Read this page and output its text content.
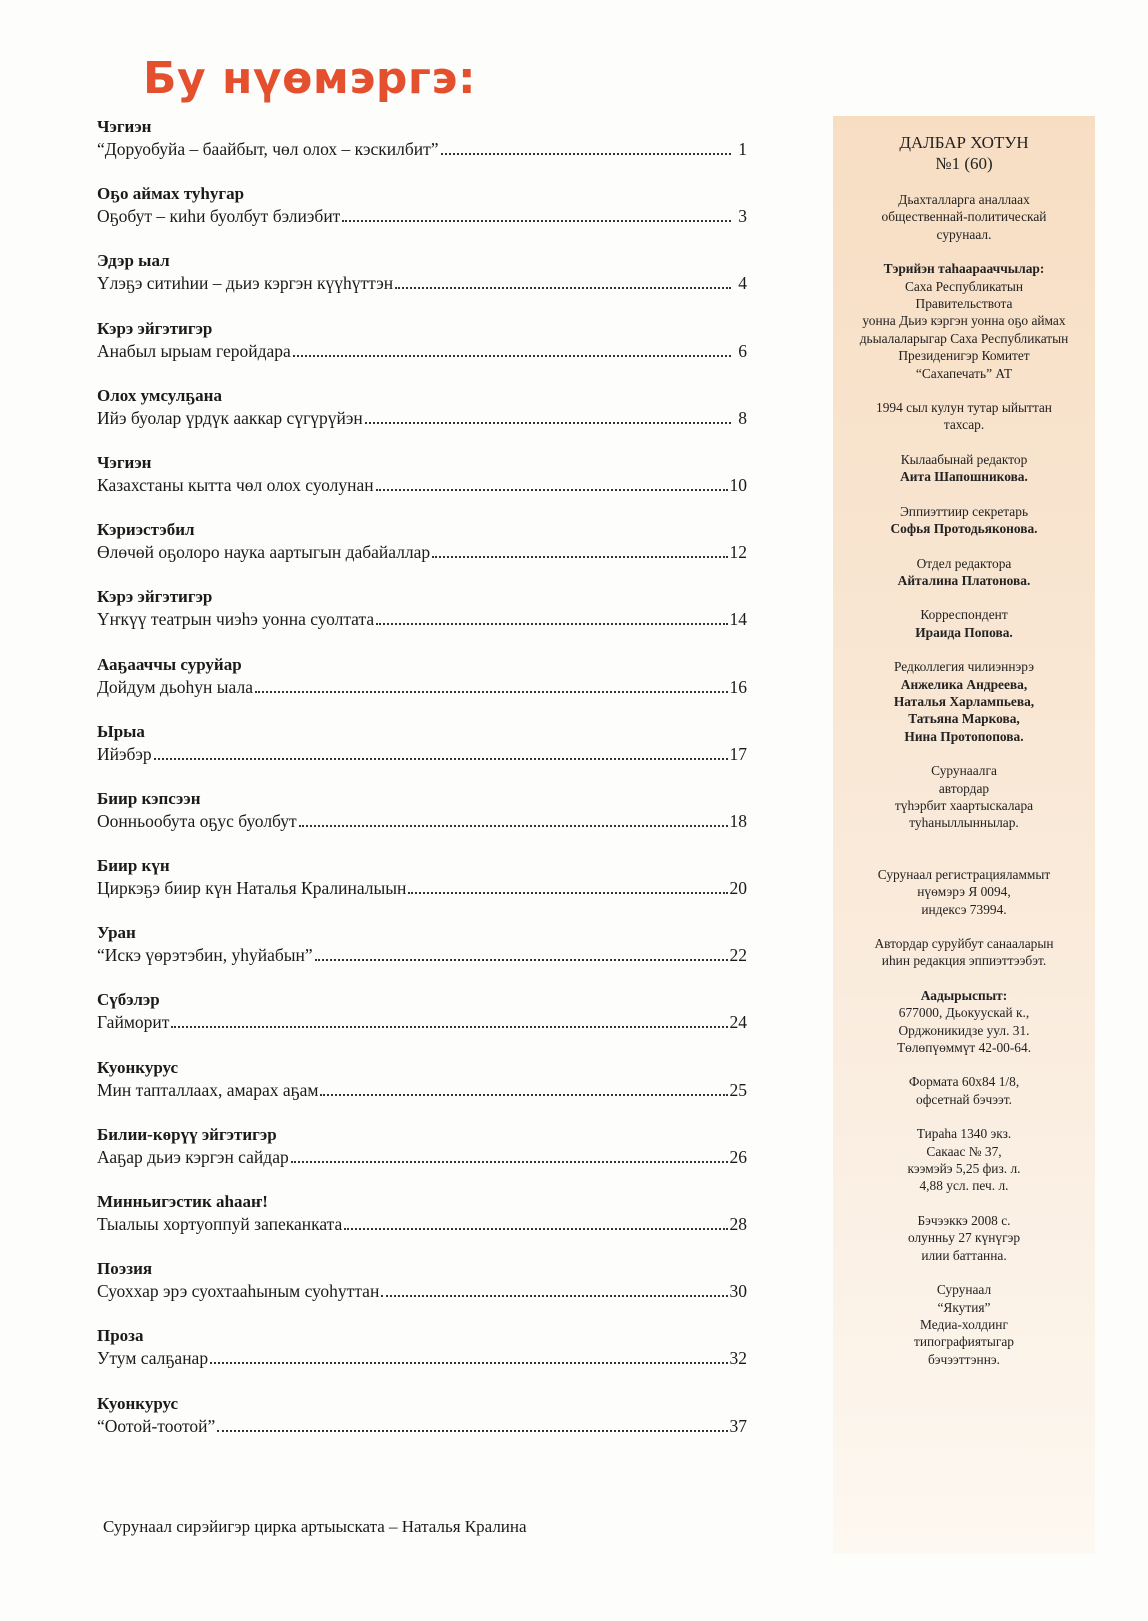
Бу нүөмэргэ:
Чэгиэн
“Доруобуйа – баайбыт, чөл олох – кэскилбит”	1
Оҕо аймах туһугар
Оҕобут – киһи буолбут бэлиэбит	3
Эдэр ыал
Үлэҕэ ситиһии – дьиэ кэргэн күүһүттэн	4
Кэрэ эйгэтигэр
Анабыл ырыам геройдара	6
Олох умсулҕана
Ийэ буолар үрдүк ааккар сүгүрүйэн	8
Чэгиэн
Казахстаны кытта чөл олох суолунан	10
Кэриэстэбил
Өлөчөй оҕолоро наука аартыгын дабайаллар	12
Кэрэ эйгэтигэр
Үҥкүү театрын чиэһэ уонна суолтата	14
Ааҕааччы суруйар
Дойдум дьоһун ыала	16
Ырыа
Ийэбэр	17
Биир кэпсээн
Оонньообута оҕус буолбут	18
Биир күн
Циркэҕэ биир күн Наталья Кралиналыын	20
Уран
“Искэ үөрэтэбин, уһуйабын”	22
Сүбэлэр
Гайморит	24
Куонкурус
Мин тапталлаах, амарах аҕам	25
Билии-көрүү эйгэтигэр
Ааҕар дьиэ кэргэн сайдар	26
Минньигэстик аһааҥ!
Тыалыы хортуоппуй запеканката	28
Поэзия
Суоххар эрэ суохтааһыным суоһуттан	30
Проза
Утум салҕанар	32
Куонкурус
“Оотой-тоотой”	37
Сурунаал сирэйигэр цирка артыыската – Наталья Кралина
ДАЛБАР ХОТУН
№1 (60)
Дьахталларга аналлаах
общественнай-политическай
сурунаал.
Тэрийэн таһаарааччылар:
Саха Республикатын
Правительствота
уонна Дьиэ кэргэн уонна оҕо аймах
дьыалаларыгар Саха Республикатын
Президенигэр Комитет
“Сахапечать” АТ
1994 сыл кулун тутар ыйыттан
тахсар.
Кылаабынай редактор
Аита Шапошникова.
Эппиэттиир секретарь
Софья Протодьяконова.
Отдел редактора
Айталина Платонова.
Корреспондент
Ираида Попова.
Редколлегия чилиэннэрэ
Анжелика Андреева,
Наталья Харлампьева,
Татьяна Маркова,
Нина Протопопова.
Сурунаалга
автордар
түһэрбит хаартыскалара
туһаныллыннылар.
Сурунаал регистрацияламмыт
нүөмэрэ Я 0094,
индексэ 73994.
Автордар суруйбут санааларын
иһин редакция эппиэттээбэт.
Аадырыспыт:
677000, Дьокуускай к.,
Орджоникидзе уул. 31.
Төлөпүөммүт 42-00-64.
Формата 60х84 1/8,
офсетнай бэчээт.
Тираһа 1340 экз.
Сакаас № 37,
кээмэйэ 5,25 физ. л.
4,88 усл. печ. л.
Бэчээккэ 2008 с.
олунньу 27 күнүгэр
илии баттанна.
Сурунаал
“Якутия”
Медиа-холдинг
типографиятыгар
бэчээттэннэ.
